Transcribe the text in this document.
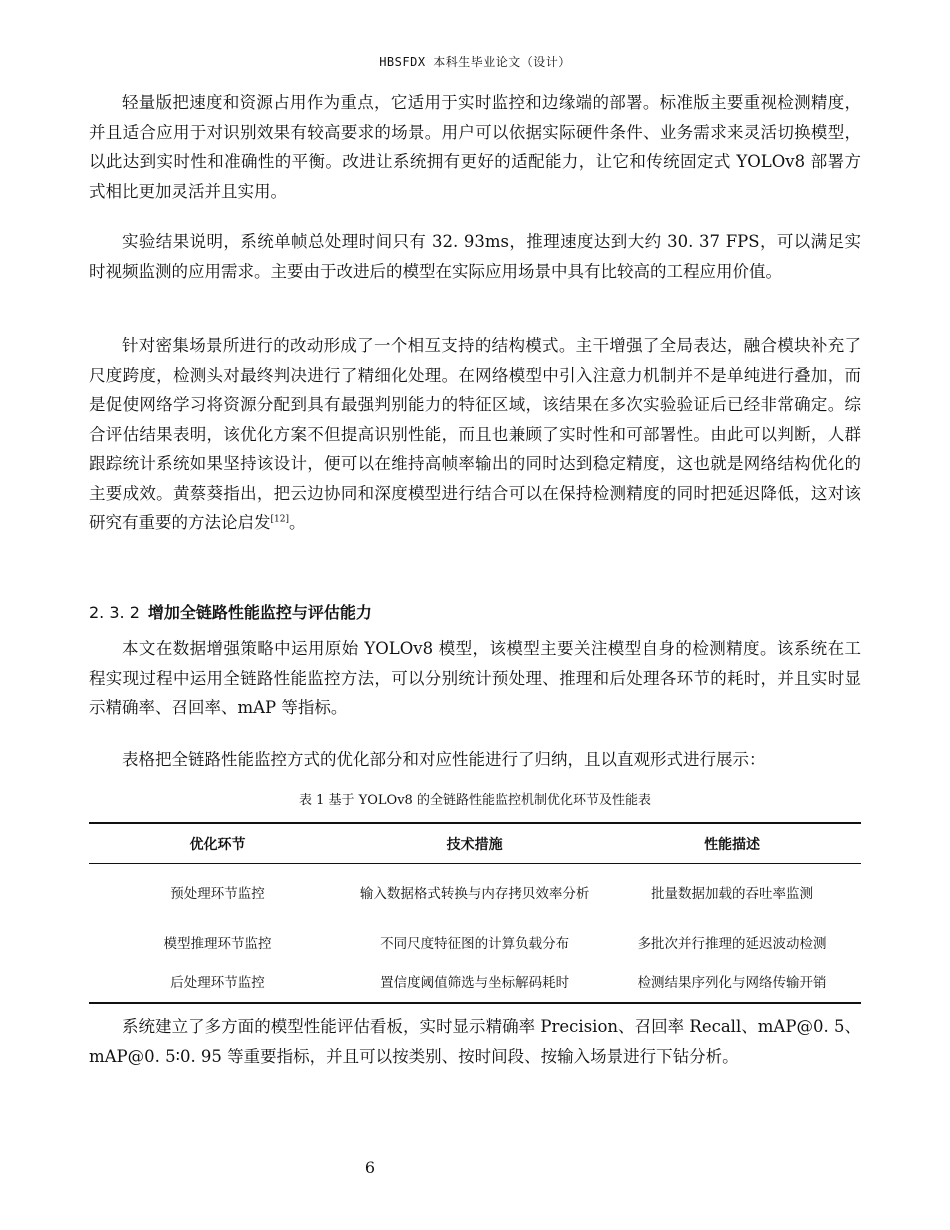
HBSFDX 本科生毕业论文（设计）

轻量版把速度和资源占用作为重点，它适用于实时监控和边缘端的部署。标准版主要重视检测精度，并且适合应用于对识别效果有较高要求的场景。用户可以依据实际硬件条件、业务需求来灵活切换模型，以此达到实时性和准确性的平衡。改进让系统拥有更好的适配能力，让它和传统固定式 YOLOv8 部署方式相比更加灵活并且实用。

实验结果说明，系统单帧总处理时间只有 32. 93ms，推理速度达到大约 30. 37 FPS，可以满足实时视频监测的应用需求。主要由于改进后的模型在实际应用场景中具有比较高的工程应用价值。

针对密集场景所进行的改动形成了一个相互支持的结构模式。主干增强了全局表达，融合模块补充了尺度跨度，检测头对最终判决进行了精细化处理。在网络模型中引入注意力机制并不是单纯进行叠加，而是促使网络学习将资源分配到具有最强判别能力的特征区域，该结果在多次实验验证后已经非常确定。综合评估结果表明，该优化方案不但提高识别性能，而且也兼顾了实时性和可部署性。由此可以判断，人群跟踪统计系统如果坚持该设计，便可以在维持高帧率输出的同时达到稳定精度，这也就是网络结构优化的主要成效。黄蔡葵指出，把云边协同和深度模型进行结合可以在保持检测精度的同时把延迟降低，这对该研究有重要的方法论启发[12]。

2. 3. 2 增加全链路性能监控与评估能力

本文在数据增强策略中运用原始 YOLOv8 模型，该模型主要关注模型自身的检测精度。该系统在工程实现过程中运用全链路性能监控方法，可以分别统计预处理、推理和后处理各环节的耗时，并且实时显示精确率、召回率、mAP 等指标。

表格把全链路性能监控方式的优化部分和对应性能进行了归纳，且以直观形式进行展示：

表 1 基于 YOLOv8 的全链路性能监控机制优化环节及性能表
优化环节	技术措施	性能描述
预处理环节监控	输入数据格式转换与内存拷贝效率分析	批量数据加载的吞吐率监测
模型推理环节监控	不同尺度特征图的计算负载分布	多批次并行推理的延迟波动检测
后处理环节监控	置信度阈值筛选与坐标解码耗时	检测结果序列化与网络传输开销

系统建立了多方面的模型性能评估看板，实时显示精确率 Precision、召回率 Recall、mAP@0. 5、mAP@0. 5∶0. 95 等重要指标，并且可以按类别、按时间段、按输入场景进行下钻分析。

6
